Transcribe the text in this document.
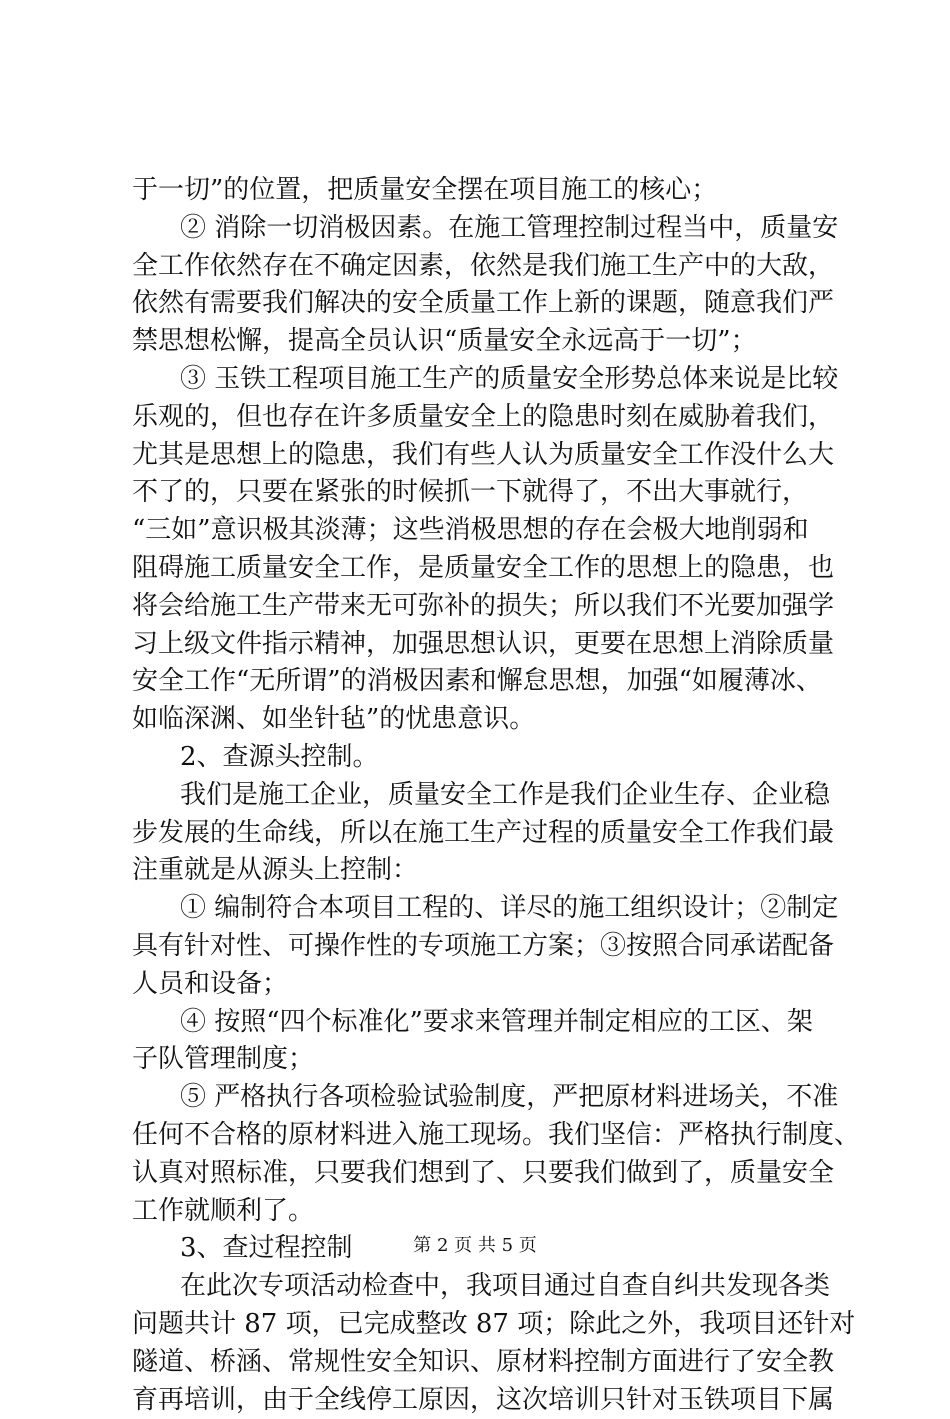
于一切”的位置，把质量安全摆在项目施工的核心；
② 消除一切消极因素。在施工管理控制过程当中，质量安
全工作依然存在不确定因素，依然是我们施工生产中的大敌，
依然有需要我们解决的安全质量工作上新的课题，随意我们严
禁思想松懈，提高全员认识“质量安全永远高于一切”；
③ 玉铁工程项目施工生产的质量安全形势总体来说是比较
乐观的，但也存在许多质量安全上的隐患时刻在威胁着我们，
尤其是思想上的隐患，我们有些人认为质量安全工作没什么大
不了的，只要在紧张的时候抓一下就得了，不出大事就行，
“三如”意识极其淡薄；这些消极思想的存在会极大地削弱和
阻碍施工质量安全工作，是质量安全工作的思想上的隐患，也
将会给施工生产带来无可弥补的损失；所以我们不光要加强学
习上级文件指示精神，加强思想认识，更要在思想上消除质量
安全工作“无所谓”的消极因素和懈怠思想，加强“如履薄冰、
如临深渊、如坐针毡”的忧患意识。
2、查源头控制。
我们是施工企业，质量安全工作是我们企业生存、企业稳
步发展的生命线，所以在施工生产过程的质量安全工作我们最
注重就是从源头上控制：
① 编制符合本项目工程的、详尽的施工组织设计；②制定
具有针对性、可操作性的专项施工方案；③按照合同承诺配备
人员和设备；
④ 按照“四个标准化”要求来管理并制定相应的工区、架
子队管理制度；
⑤ 严格执行各项检验试验制度，严把原材料进场关，不准
任何不合格的原材料进入施工现场。我们坚信：严格执行制度、
认真对照标准，只要我们想到了、只要我们做到了，质量安全
工作就顺利了。
3、查过程控制
在此次专项活动检查中，我项目通过自查自纠共发现各类
问题共计 87 项，已完成整改 87 项；除此之外，我项目还针对
隧道、桥涵、常规性安全知识、原材料控制方面进行了安全教
育再培训，由于全线停工原因，这次培训只针对玉铁项目下属
第 2 页 共 5 页
